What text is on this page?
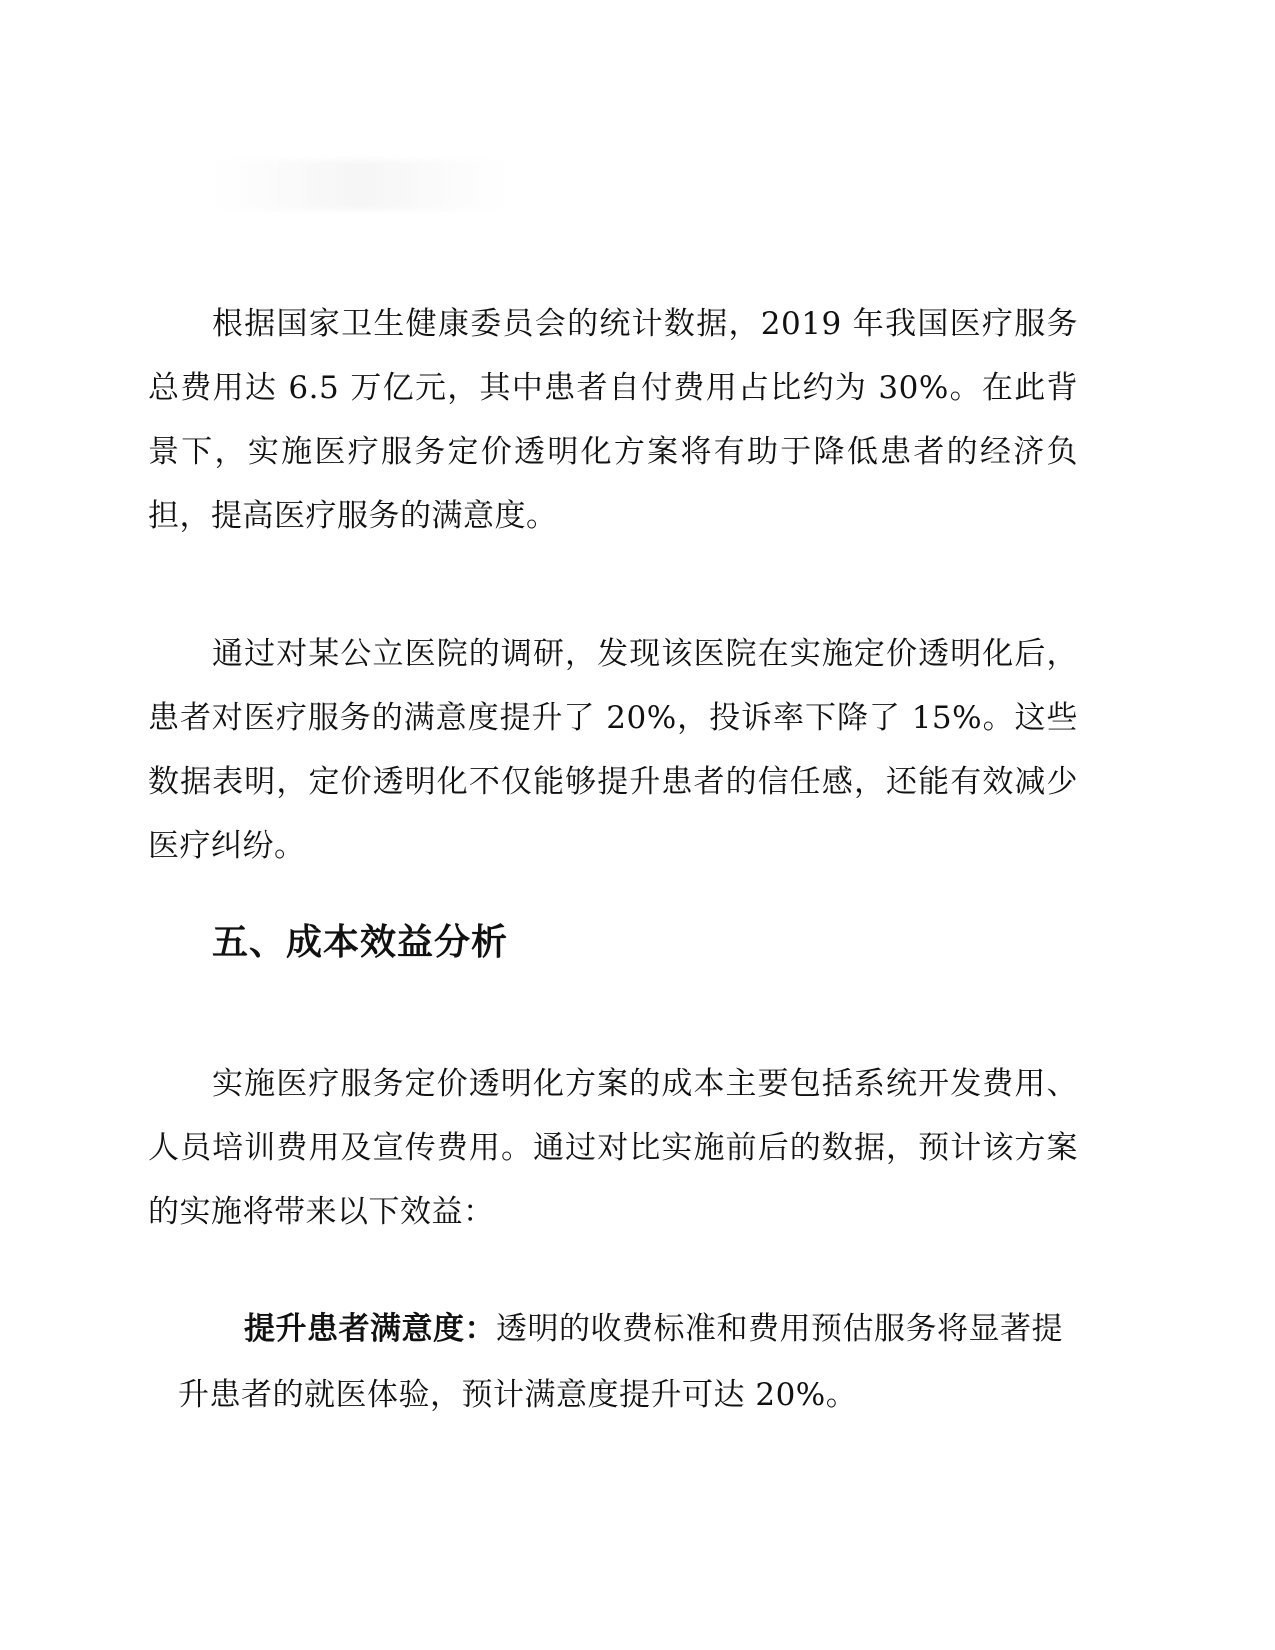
根据国家卫生健康委员会的统计数据，2019 年我国医疗服务总费用达 6.5 万亿元，其中患者自付费用占比约为 30%。在此背景下，实施医疗服务定价透明化方案将有助于降低患者的经济负担，提高医疗服务的满意度。

通过对某公立医院的调研，发现该医院在实施定价透明化后，患者对医疗服务的满意度提升了 20%，投诉率下降了 15%。这些数据表明，定价透明化不仅能够提升患者的信任感，还能有效减少医疗纠纷。

五、成本效益分析

实施医疗服务定价透明化方案的成本主要包括系统开发费用、人员培训费用及宣传费用。通过对比实施前后的数据，预计该方案的实施将带来以下效益：

提升患者满意度：透明的收费标准和费用预估服务将显著提升患者的就医体验，预计满意度提升可达 20%。
